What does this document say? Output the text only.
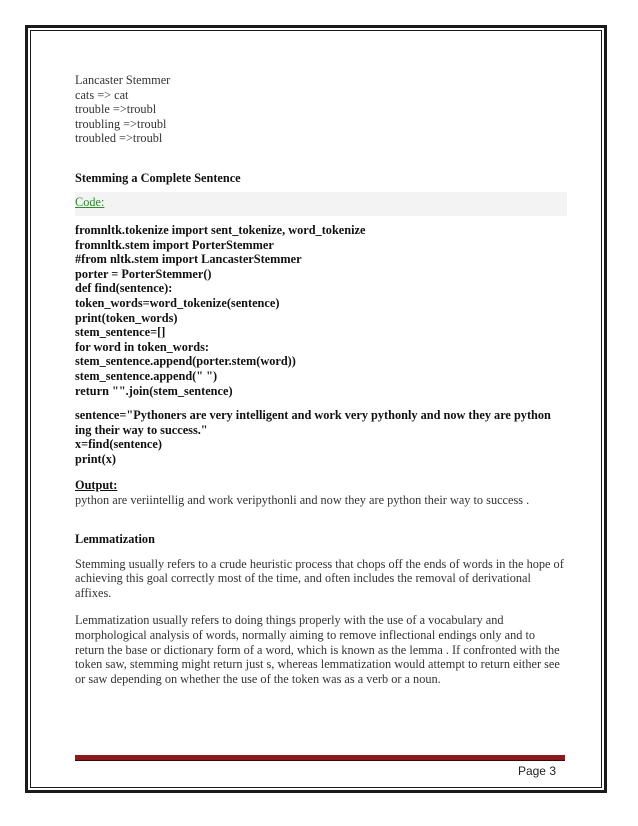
Lancaster Stemmer
cats => cat
trouble =>troubl
troubling =>troubl
troubled =>troubl
Stemming a Complete Sentence
Code:
fromnltk.tokenize import sent_tokenize, word_tokenize
fromnltk.stem import PorterStemmer
#from nltk.stem import LancasterStemmer
porter = PorterStemmer()
def find(sentence):
token_words=word_tokenize(sentence)
print(token_words)
stem_sentence=[]
for word in token_words:
stem_sentence.append(porter.stem(word))
stem_sentence.append(" ")
return "".join(stem_sentence)
sentence="Pythoners are very intelligent and work very pythonly and now they are python
ing their way to success."
x=find(sentence)
print(x)
Output:
python are veriintellig and work veripythonli and now they are python their way to success .
Lemmatization
Stemming usually refers to a crude heuristic process that chops off the ends of words in the hope of achieving this goal correctly most of the time, and often includes the removal of derivational affixes.
Lemmatization usually refers to doing things properly with the use of a vocabulary and morphological analysis of words, normally aiming to remove inflectional endings only and to return the base or dictionary form of a word, which is known as the lemma . If confronted with the token saw, stemming might return just s, whereas lemmatization would attempt to return either see or saw depending on whether the use of the token was as a verb or a noun.
Page 3
